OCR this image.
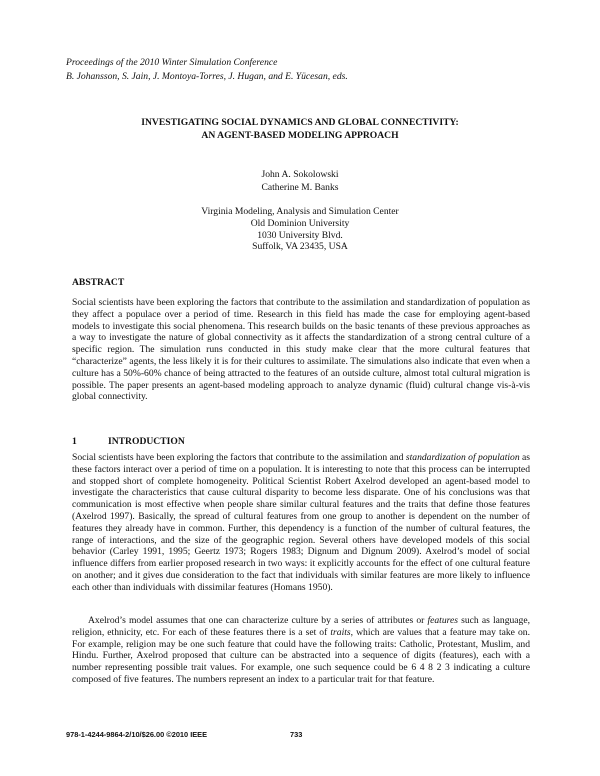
Proceedings of the 2010 Winter Simulation Conference
B. Johansson, S. Jain, J. Montoya-Torres, J. Hugan, and E. Yücesan, eds.
INVESTIGATING SOCIAL DYNAMICS AND GLOBAL CONNECTIVITY:
AN AGENT-BASED MODELING APPROACH
John A. Sokolowski
Catherine M. Banks
Virginia Modeling, Analysis and Simulation Center
Old Dominion University
1030 University Blvd.
Suffolk, VA 23435, USA
ABSTRACT
Social scientists have been exploring the factors that contribute to the assimilation and standardization of population as they affect a populace over a period of time. Research in this field has made the case for employing agent-based models to investigate this social phenomena. This research builds on the basic tenants of these previous approaches as a way to investigate the nature of global connectivity as it affects the standardization of a strong central culture of a specific region. The simulation runs conducted in this study make clear that the more cultural features that “characterize” agents, the less likely it is for their cultures to assimilate. The simulations also indicate that even when a culture has a 50%-60% chance of being attracted to the features of an outside culture, almost total cultural migration is possible. The paper presents an agent-based modeling approach to analyze dynamic (fluid) cultural change vis-à-vis global connectivity.
1	INTRODUCTION
Social scientists have been exploring the factors that contribute to the assimilation and standardization of population as these factors interact over a period of time on a population. It is interesting to note that this process can be interrupted and stopped short of complete homogeneity. Political Scientist Robert Axelrod developed an agent-based model to investigate the characteristics that cause cultural disparity to become less disparate. One of his conclusions was that communication is most effective when people share similar cultural features and the traits that define those features (Axelrod 1997). Basically, the spread of cultural features from one group to another is dependent on the number of features they already have in common. Further, this dependency is a function of the number of cultural features, the range of interactions, and the size of the geographic region. Several others have developed models of this social behavior (Carley 1991, 1995; Geertz 1973; Rogers 1983; Dignum and Dignum 2009). Axelrod’s model of social influence differs from earlier proposed research in two ways: it explicitly accounts for the effect of one cultural feature on another; and it gives due consideration to the fact that individuals with similar features are more likely to influence each other than individuals with dissimilar features (Homans 1950).
Axelrod’s model assumes that one can characterize culture by a series of attributes or features such as language, religion, ethnicity, etc. For each of these features there is a set of traits, which are values that a feature may take on. For example, religion may be one such feature that could have the following traits: Catholic, Protestant, Muslim, and Hindu. Further, Axelrod proposed that culture can be abstracted into a sequence of digits (features), each with a number representing possible trait values. For example, one such sequence could be 6 4 8 2 3 indicating a culture composed of five features. The numbers represent an index to a particular trait for that feature.
978-1-4244-9864-2/10/$26.00 ©2010 IEEE	733
